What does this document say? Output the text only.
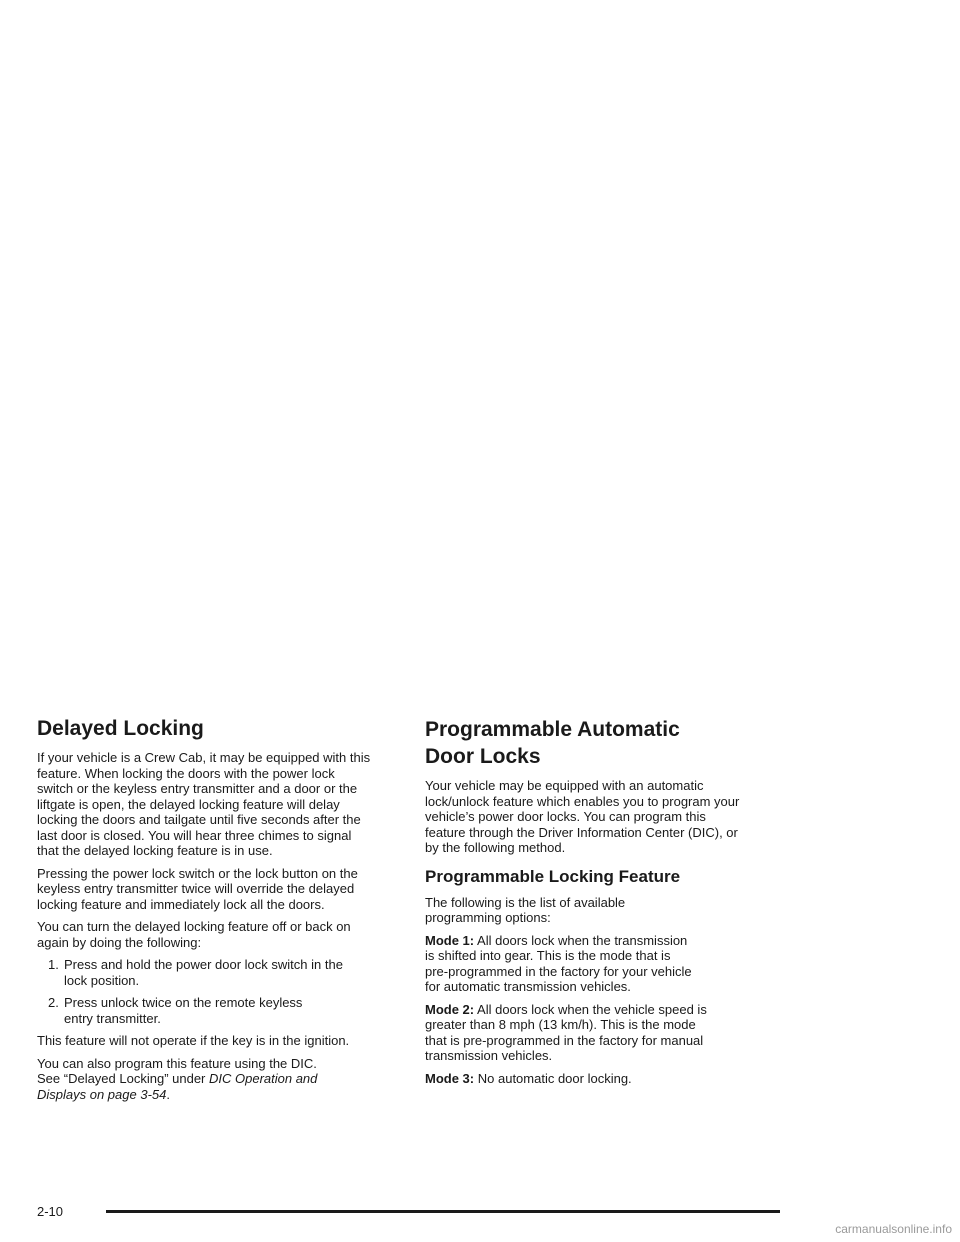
Delayed Locking

If your vehicle is a Crew Cab, it may be equipped with this
feature. When locking the doors with the power lock
switch or the keyless entry transmitter and a door or the
liftgate is open, the delayed locking feature will delay
locking the doors and tailgate until five seconds after the
last door is closed. You will hear three chimes to signal
that the delayed locking feature is in use.

Pressing the power lock switch or the lock button on the
keyless entry transmitter twice will override the delayed
locking feature and immediately lock all the doors.

You can turn the delayed locking feature off or back on
again by doing the following:

1. Press and hold the power door lock switch in the
lock position.
2. Press unlock twice on the remote keyless
entry transmitter.

This feature will not operate if the key is in the ignition.

You can also program this feature using the DIC.
See “Delayed Locking” under DIC Operation and
Displays on page 3-54.

Programmable Automatic
Door Locks

Your vehicle may be equipped with an automatic
lock/unlock feature which enables you to program your
vehicle’s power door locks. You can program this
feature through the Driver Information Center (DIC), or
by the following method.

Programmable Locking Feature

The following is the list of available
programming options:

Mode 1: All doors lock when the transmission
is shifted into gear. This is the mode that is
pre-programmed in the factory for your vehicle
for automatic transmission vehicles.

Mode 2: All doors lock when the vehicle speed is
greater than 8 mph (13 km/h). This is the mode
that is pre-programmed in the factory for manual
transmission vehicles.

Mode 3: No automatic door locking.

2-10
carmanualsonline.info
